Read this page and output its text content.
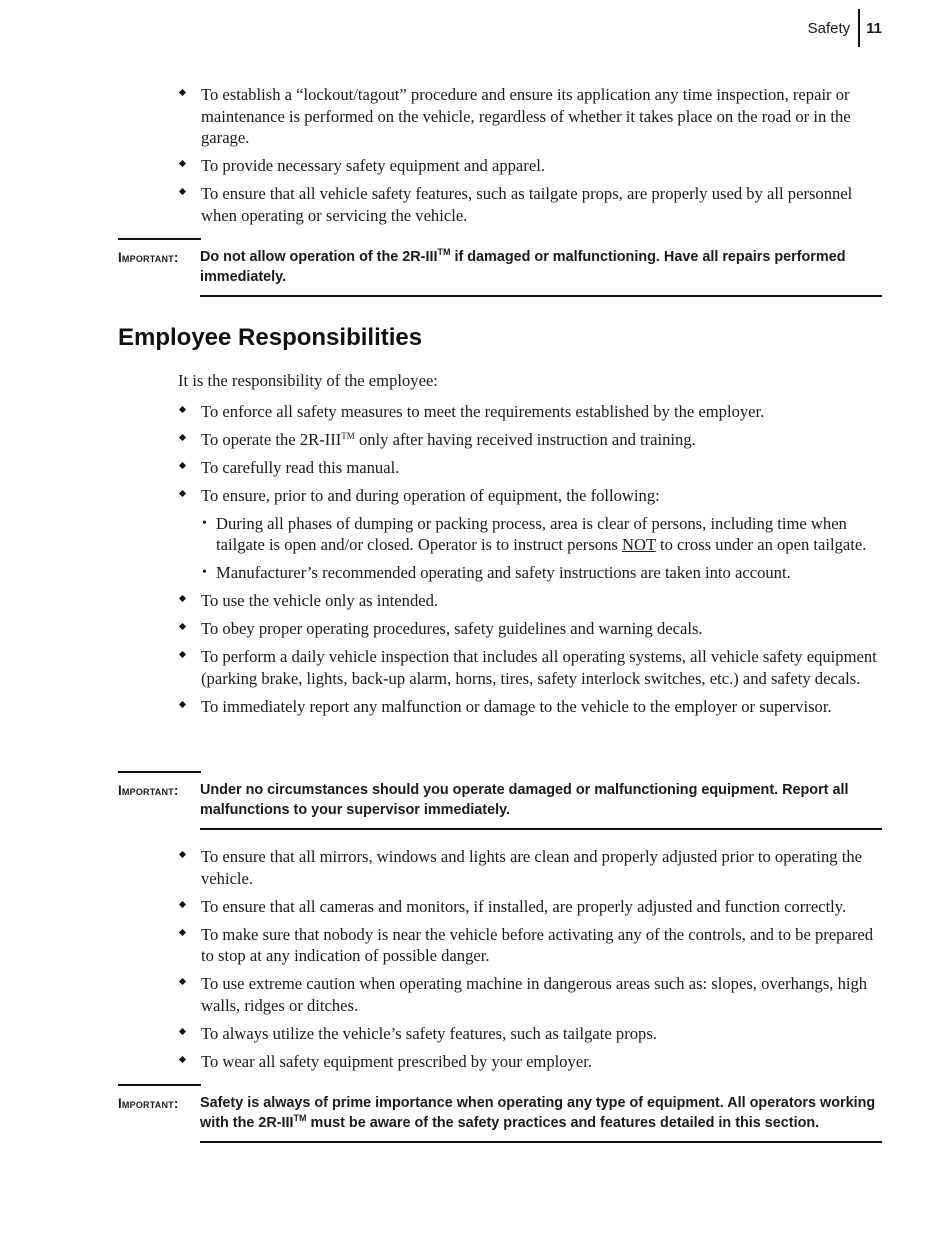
Safety	11
To establish a “lockout/tagout” procedure and ensure its application any time inspection, repair or maintenance is performed on the vehicle, regardless of whether it takes place on the road or in the garage.
To provide necessary safety equipment and apparel.
To ensure that all vehicle safety features, such as tailgate props, are properly used by all personnel when operating or servicing the vehicle.
Important:	Do not allow operation of the 2R-III™ if damaged or malfunctioning. Have all repairs performed immediately.
Employee Responsibilities

It is the responsibility of the employee:

To enforce all safety measures to meet the requirements established by the employer.
To operate the 2R-III™ only after having received instruction and training.
To carefully read this manual.
To ensure, prior to and during operation of equipment, the following:
• During all phases of dumping or packing process, area is clear of persons, including time when tailgate is open and/or closed. Operator is to instruct persons NOT to cross under an open tailgate.
• Manufacturer’s recommended operating and safety instructions are taken into account.
To use the vehicle only as intended.
To obey proper operating procedures, safety guidelines and warning decals.
To perform a daily vehicle inspection that includes all operating systems, all vehicle safety equipment (parking brake, lights, back-up alarm, horns, tires, safety interlock switches, etc.) and safety decals.
To immediately report any malfunction or damage to the vehicle to the employer or supervisor.
Important:	Under no circumstances should you operate damaged or malfunctioning equipment. Report all malfunctions to your supervisor immediately.
To ensure that all mirrors, windows and lights are clean and properly adjusted prior to operating the vehicle.
To ensure that all cameras and monitors, if installed, are properly adjusted and function correctly.
To make sure that nobody is near the vehicle before activating any of the controls, and to be prepared to stop at any indication of possible danger.
To use extreme caution when operating machine in dangerous areas such as: slopes, overhangs, high walls, ridges or ditches.
To always utilize the vehicle’s safety features, such as tailgate props.
To wear all safety equipment prescribed by your employer.
Important:	Safety is always of prime importance when operating any type of equipment. All operators working with the 2R-III™ must be aware of the safety practices and features detailed in this section.
